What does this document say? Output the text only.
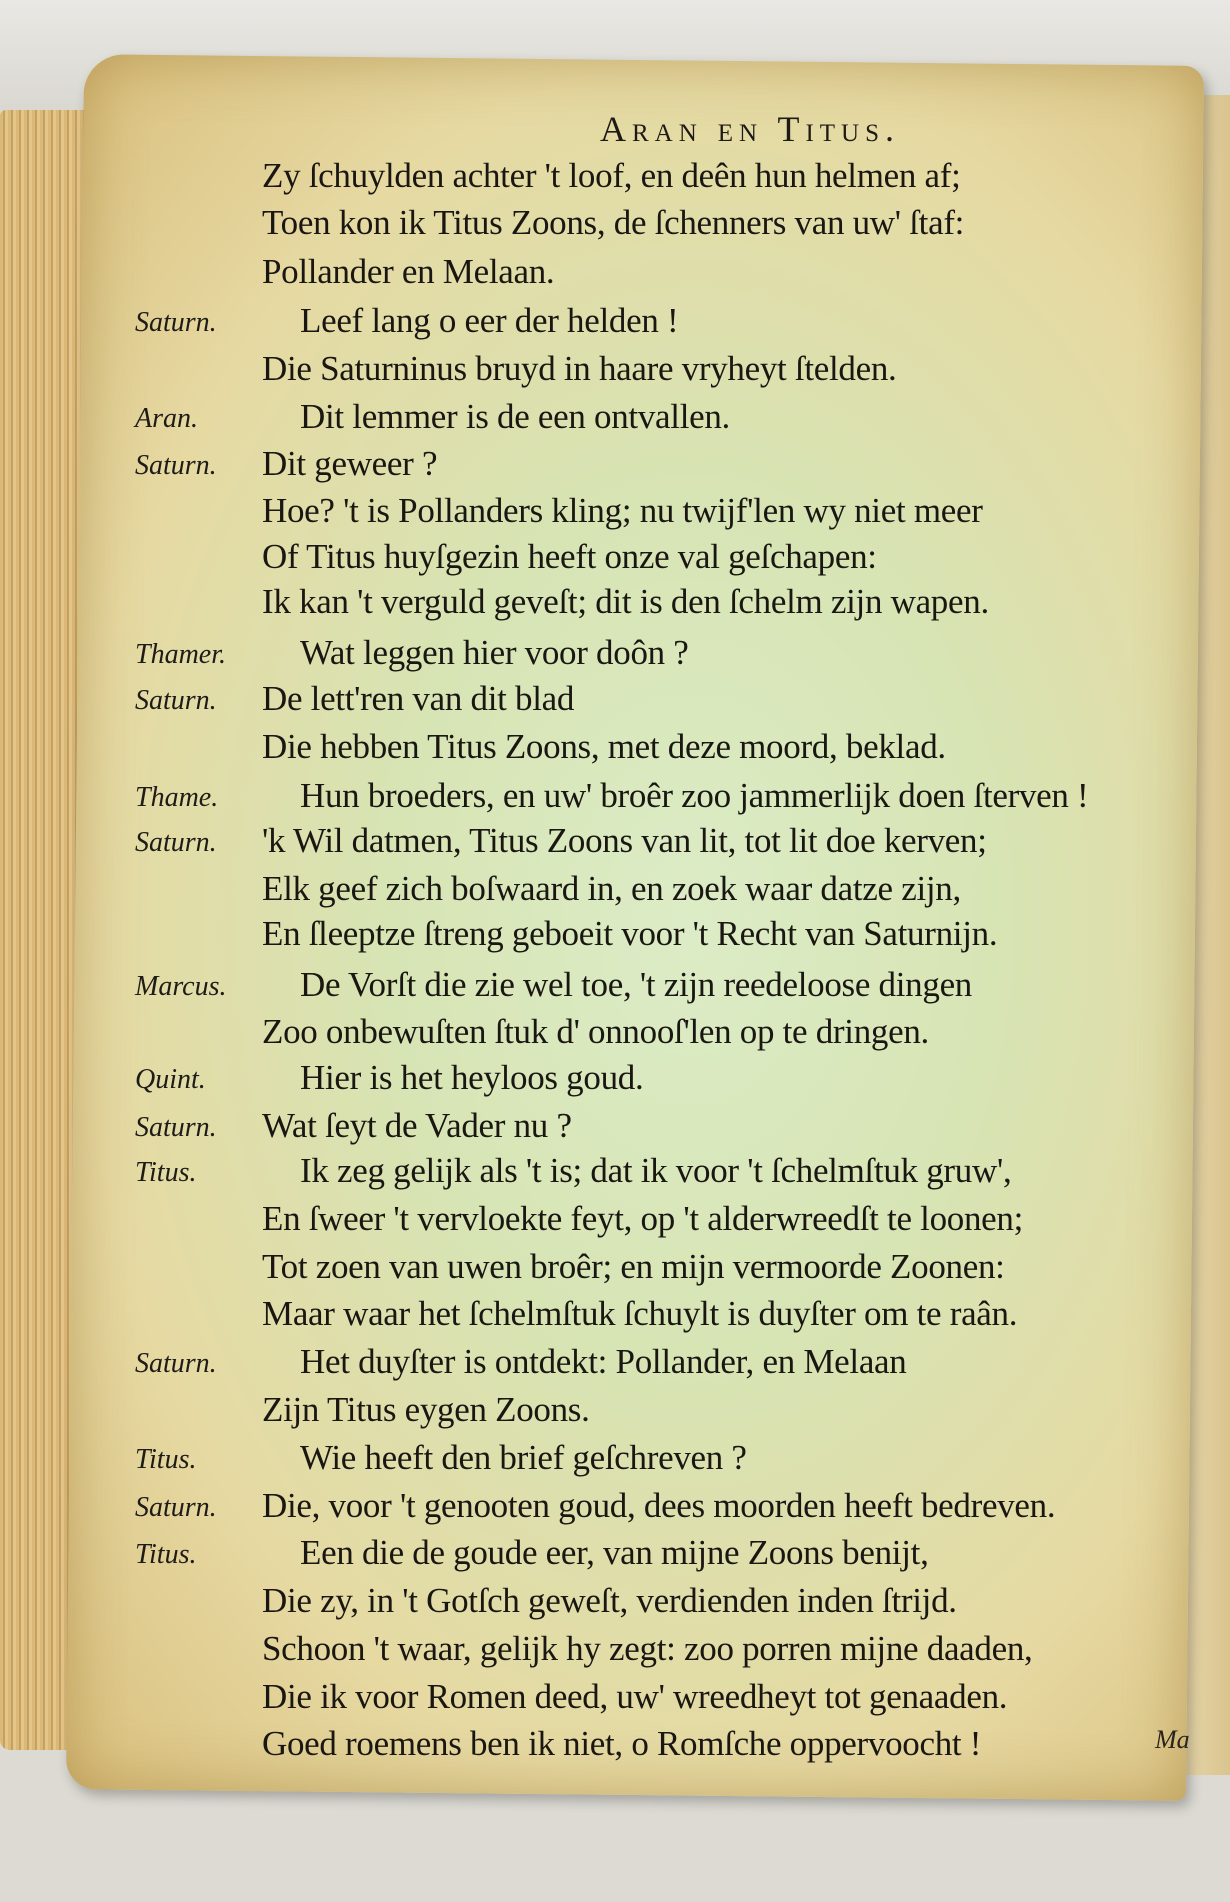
Aran en Titus.
Zy ſchuylden achter 't loof, en deên hun helmen af;
Toen kon ik Titus Zoons, de ſchenners van uw' ſtaf:
Pollander en Melaan.
Saturn. Leef lang o eer der helden !
Die Saturninus bruyd in haare vryheyt ſtelden.
Aran.	Dit lemmer is de een ontvallen.
Saturn. Dit geweer ?
Hoe? 't is Pollanders kling; nu twijf'len wy niet meer
Of Titus huyſgezin heeft onze val geſchapen:
Ik kan 't verguld geveſt; dit is den ſchelm zijn wapen.
Thamer. Wat leggen hier voor doôn ?
Saturn. De lett'ren van dit blad
Die hebben Titus Zoons, met deze moord, beklad.
Thame. Hun broeders, en uw' broêr zoo jammerlijk doen ſterven !
Saturn. 'k Wil datmen, Titus Zoons van lit, tot lit doe kerven;
Elk geef zich boſwaard in, en zoek waar datze zijn,
En ſleeptze ſtreng geboeit voor 't Recht van Saturnijn.
Marcus. De Vorſt die zie wel toe, 't zijn reedeloose dingen
Zoo onbewuſten ſtuk d' onnooſ'len op te dringen.
Quint.	Hier is het heyloos goud.
Saturn. Wat ſeyt de Vader nu ?
Titus.	Ik zeg gelijk als 't is; dat ik voor 't ſchelmſtuk gruw',
En ſweer 't vervloekte feyt, op 't alderwreedſt te loonen;
Tot zoen van uwen broêr; en mijn vermoorde Zoonen:
Maar waar het ſchelmſtuk ſchuylt is duyſter om te raân.
Saturn. Het duyſter is ontdekt: Pollander, en Melaan
Zijn Titus eygen Zoons.
Titus.	Wie heeft den brief geſchreven ?
Saturn. Die, voor 't genooten goud, dees moorden heeft bedreven.
Titus.	Een die de goude eer, van mijne Zoons benijt,
Die zy, in 't Gotſch geweſt, verdienden inden ſtrijd.
Schoon 't waar, gelijk hy zegt: zoo porren mijne daaden,
Die ik voor Romen deed, uw' wreedheyt tot genaaden.
Goed roemens ben ik niet, o Romſche oppervoocht !	Ma
